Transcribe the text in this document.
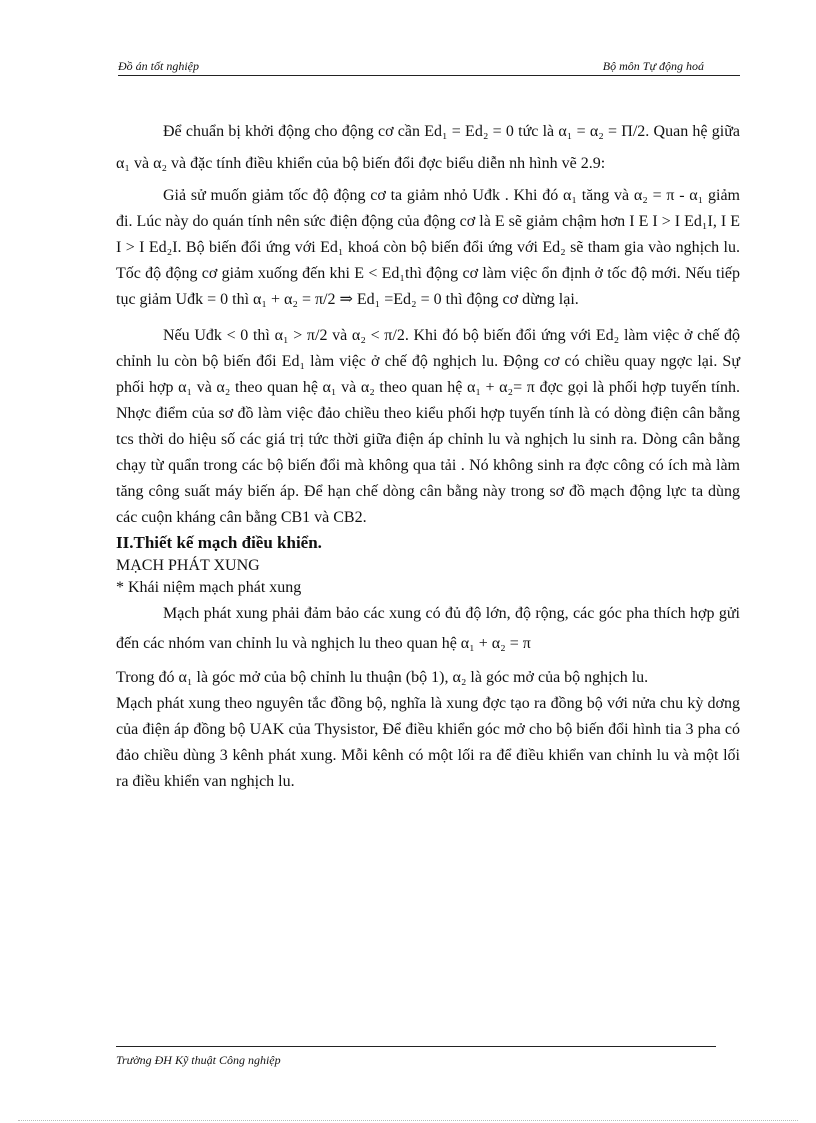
Đồ án tốt nghiệp	Bộ môn Tự động hoá

Để chuẩn bị khởi động cho động cơ cần Ed₁ = Ed₂ = 0 tức là α₁ = α₂ = Π/2. Quan hệ giữa α₁ và α₂ và đặc tính điều khiển của bộ biến đổi đợc biểu diễn nh hình vẽ 2.9:

Giả sử muốn giảm tốc độ động cơ ta giảm nhỏ Uđk . Khi đó α₁ tăng và α₂ = π - α₁ giảm đi. Lúc này do quán tính nên sức điện động của động cơ là E sẽ giảm chậm hơn I E I > I Ed₁I, I E I > I Ed₂I. Bộ biến đổi ứng với Ed₁ khoá còn bộ biến đổi ứng với Ed₂ sẽ tham gia vào nghịch lu. Tốc độ động cơ giảm xuống đến khi E < Ed₁thì động cơ làm việc ổn định ở tốc độ mới. Nếu tiếp tục giảm Uđk = 0 thì α₁ + α₂ = π/2 ⇒ Ed₁ =Ed₂ = 0 thì động cơ dừng lại.

Nếu Uđk < 0 thì α₁ > π/2 và α₂ < π/2. Khi đó bộ biến đổi ứng với Ed₂ làm việc ở chế độ chỉnh lu còn bộ biến đổi Ed₁ làm việc ở chế độ nghịch lu. Động cơ có chiều quay ngợc lại. Sự phối hợp α₁ và α₂ theo quan hệ α₁ và α₂ theo quan hệ α₁ + α₂= π đợc gọi là phối hợp tuyến tính. Nhợc điểm của sơ đồ làm việc đảo chiều theo kiểu phối hợp tuyến tính là có dòng điện cân bằng tcs thời do hiệu số các giá trị tức thời giữa điện áp chỉnh lu và nghịch lu sinh ra. Dòng cân bằng chạy từ quẩn trong các bộ biến đổi mà không qua tải . Nó không sinh ra đợc công có ích mà làm tăng công suất máy biến áp. Để hạn chế dòng cân bằng này trong sơ đồ mạch động lực ta dùng các cuộn kháng cân bằng CB1 và CB2.

II.Thiết kế mạch điều khiển.

MẠCH PHÁT XUNG

* Khái niệm mạch phát xung

Mạch phát xung phải đảm bảo các xung có đủ độ lớn, độ rộng, các góc pha thích hợp gửi đến các nhóm van chỉnh lu và nghịch lu theo quan hệ α₁ + α₂ = π

Trong đó α₁ là góc mở của bộ chỉnh lu thuận (bộ 1), α₂ là góc mở của bộ nghịch lu.

Mạch phát xung theo nguyên tắc đồng bộ, nghĩa là xung đợc tạo ra đồng bộ với nửa chu kỳ dơng của điện áp đồng bộ UAK của Thysistor, Để điều khiển góc mở cho bộ biến đổi hình tia 3 pha có đảo chiều dùng 3 kênh phát xung. Mỗi kênh có một lối ra để điều khiển van chỉnh lu và một lối ra điều khiển van nghịch lu.

Trường ĐH Kỹ thuật Công nghiệp
